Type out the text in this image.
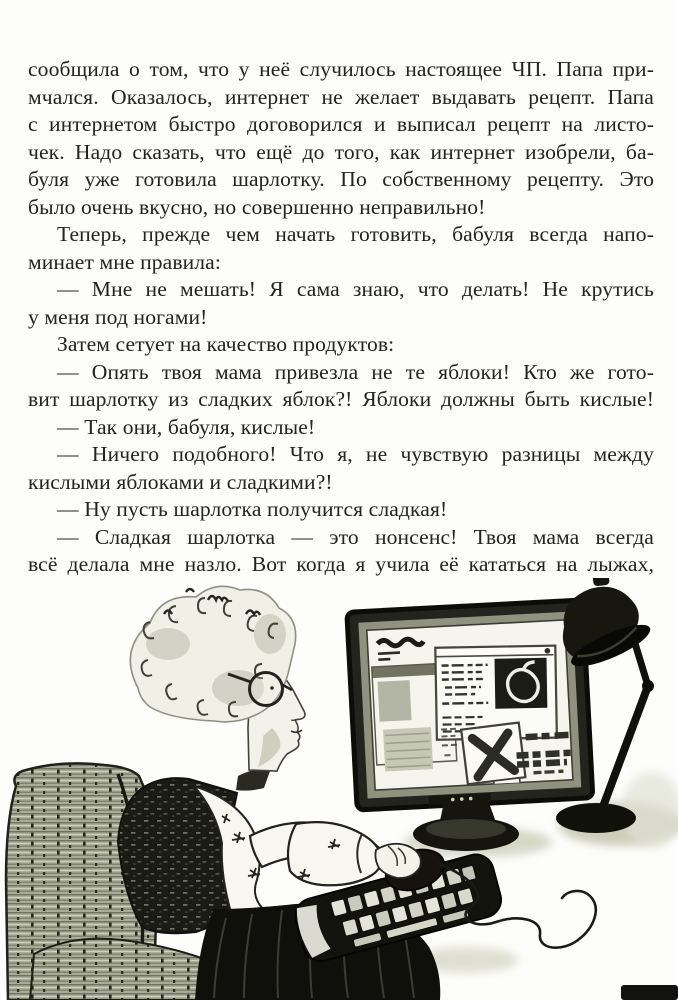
сообщила о том, что у неё случилось настоящее ЧП. Папа при-
мчался. Оказалось, интернет не желает выдавать рецепт. Папа
с интернетом быстро договорился и выписал рецепт на листо-
чек. Надо сказать, что ещё до того, как интернет изобрели, ба-
буля уже готовила шарлотку. По собственному рецепту. Это
было очень вкусно, но совершенно неправильно!
Теперь, прежде чем начать готовить, бабуля всегда напо-
минает мне правила:
— Мне не мешать! Я сама знаю, что делать! Не крутись
у меня под ногами!
Затем сетует на качество продуктов:
— Опять твоя мама привезла не те яблоки! Кто же гото-
вит шарлотку из сладких яблок?! Яблоки должны быть кислые!
— Так они, бабуля, кислые!
— Ничего подобного! Что я, не чувствую разницы между
кислыми яблоками и сладкими?!
— Ну пусть шарлотка получится сладкая!
— Сладкая шарлотка — это нонсенс! Твоя мама всегда
всё делала мне назло. Вот когда я учила её кататься на лыжах,
